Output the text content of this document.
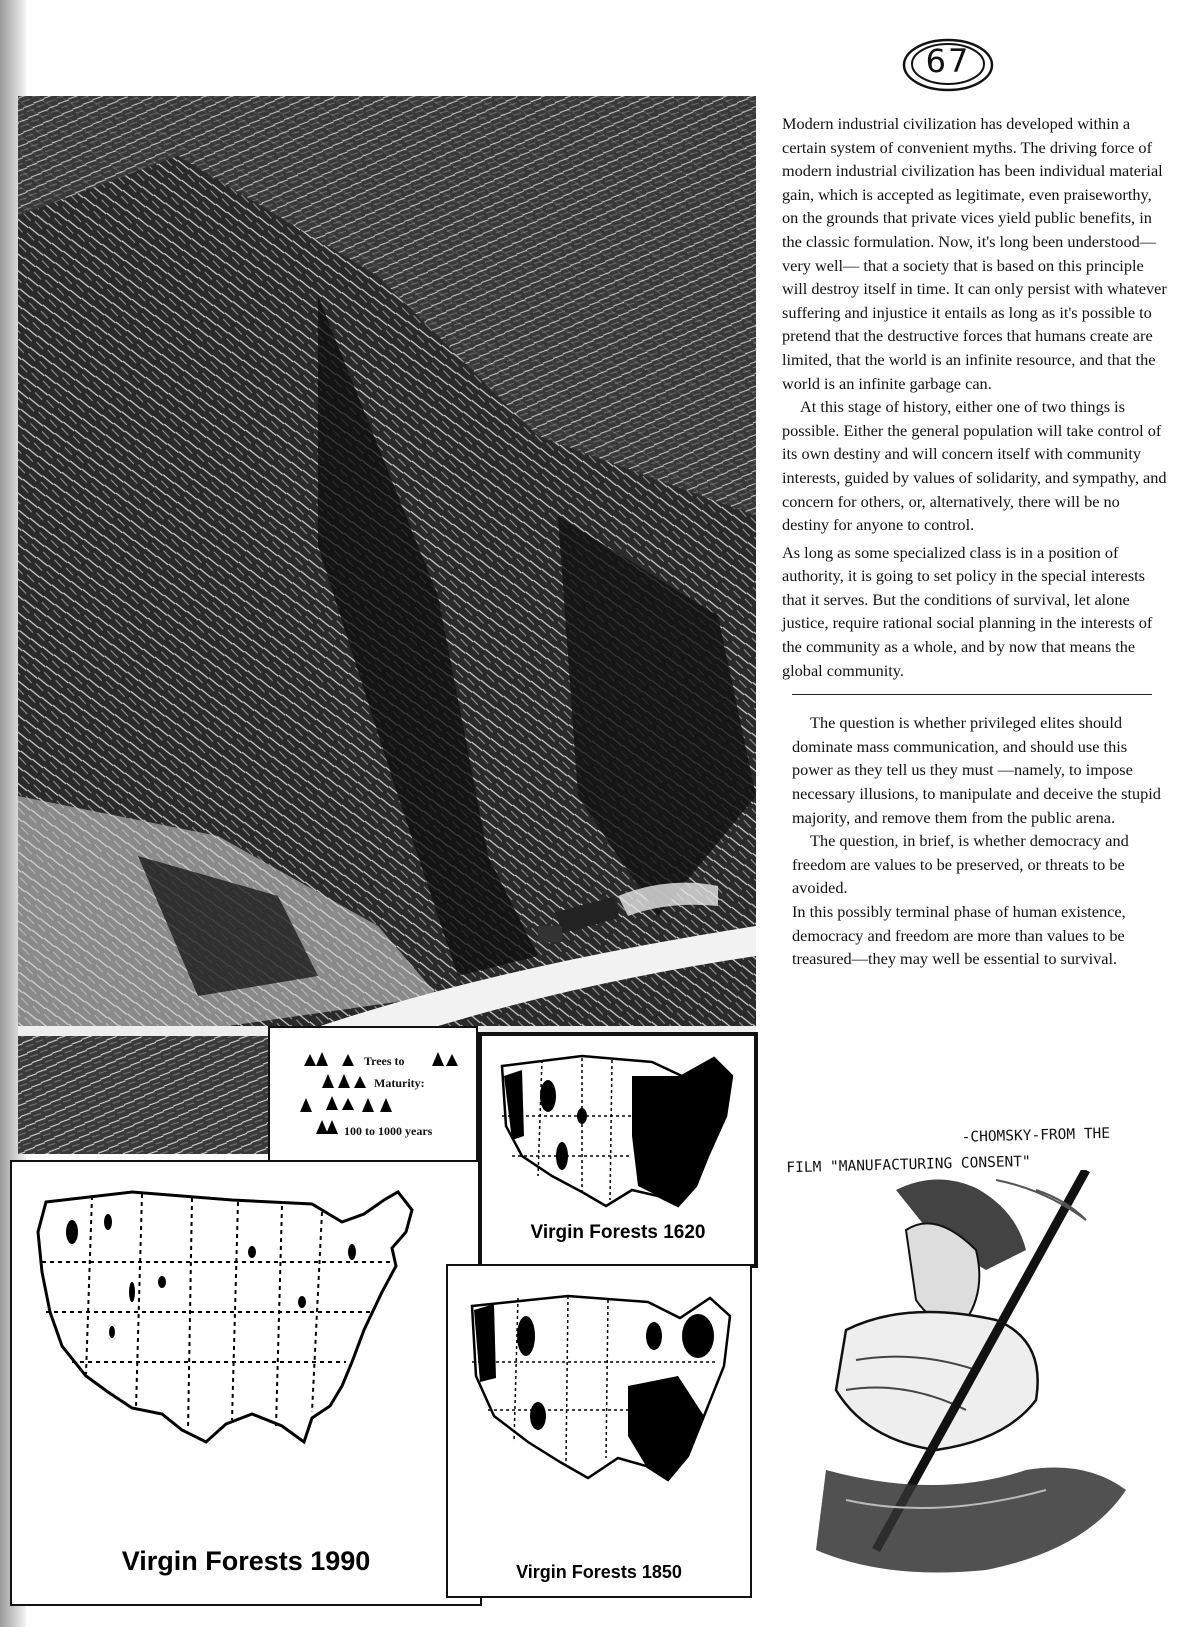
67

Modern industrial civilization has developed within a certain system of convenient myths. The driving force of modern industrial civilization has been individual material gain, which is accepted as legitimate, even praiseworthy, on the grounds that private vices yield public benefits, in the classic formulation. Now, it's long been understood—very well— that a society that is based on this principle will destroy itself in time. It can only persist with whatever suffering and injustice it entails as long as it's possible to pretend that the destructive forces that humans create are limited, that the world is an infinite resource, and that the world is an infinite garbage can.

At this stage of history, either one of two things is possible. Either the general population will take control of its own destiny and will concern itself with community interests, guided by values of solidarity, and sympathy, and concern for others, or, alternatively, there will be no destiny for anyone to control.

As long as some specialized class is in a position of authority, it is going to set policy in the special interests that it serves. But the conditions of survival, let alone justice, require rational social planning in the interests of the community as a whole, and by now that means the global community.

The question is whether privileged elites should dominate mass communication, and should use this power as they tell us they must —namely, to impose necessary illusions, to manipulate and deceive the stupid majority, and remove them from the public arena.

The question, in brief, is whether democracy and freedom are values to be preserved, or threats to be avoided.

In this possibly terminal phase of human existence, democracy and freedom are more than values to be treasured—they may well be essential to survival.

-CHOMSKY-FROM THE
FILM "MANUFACTURING CONSENT"
Trees to
Maturity:
100 to 1000 years
Virgin Forests 1990
Virgin Forests 1620
Virgin Forests 1850
